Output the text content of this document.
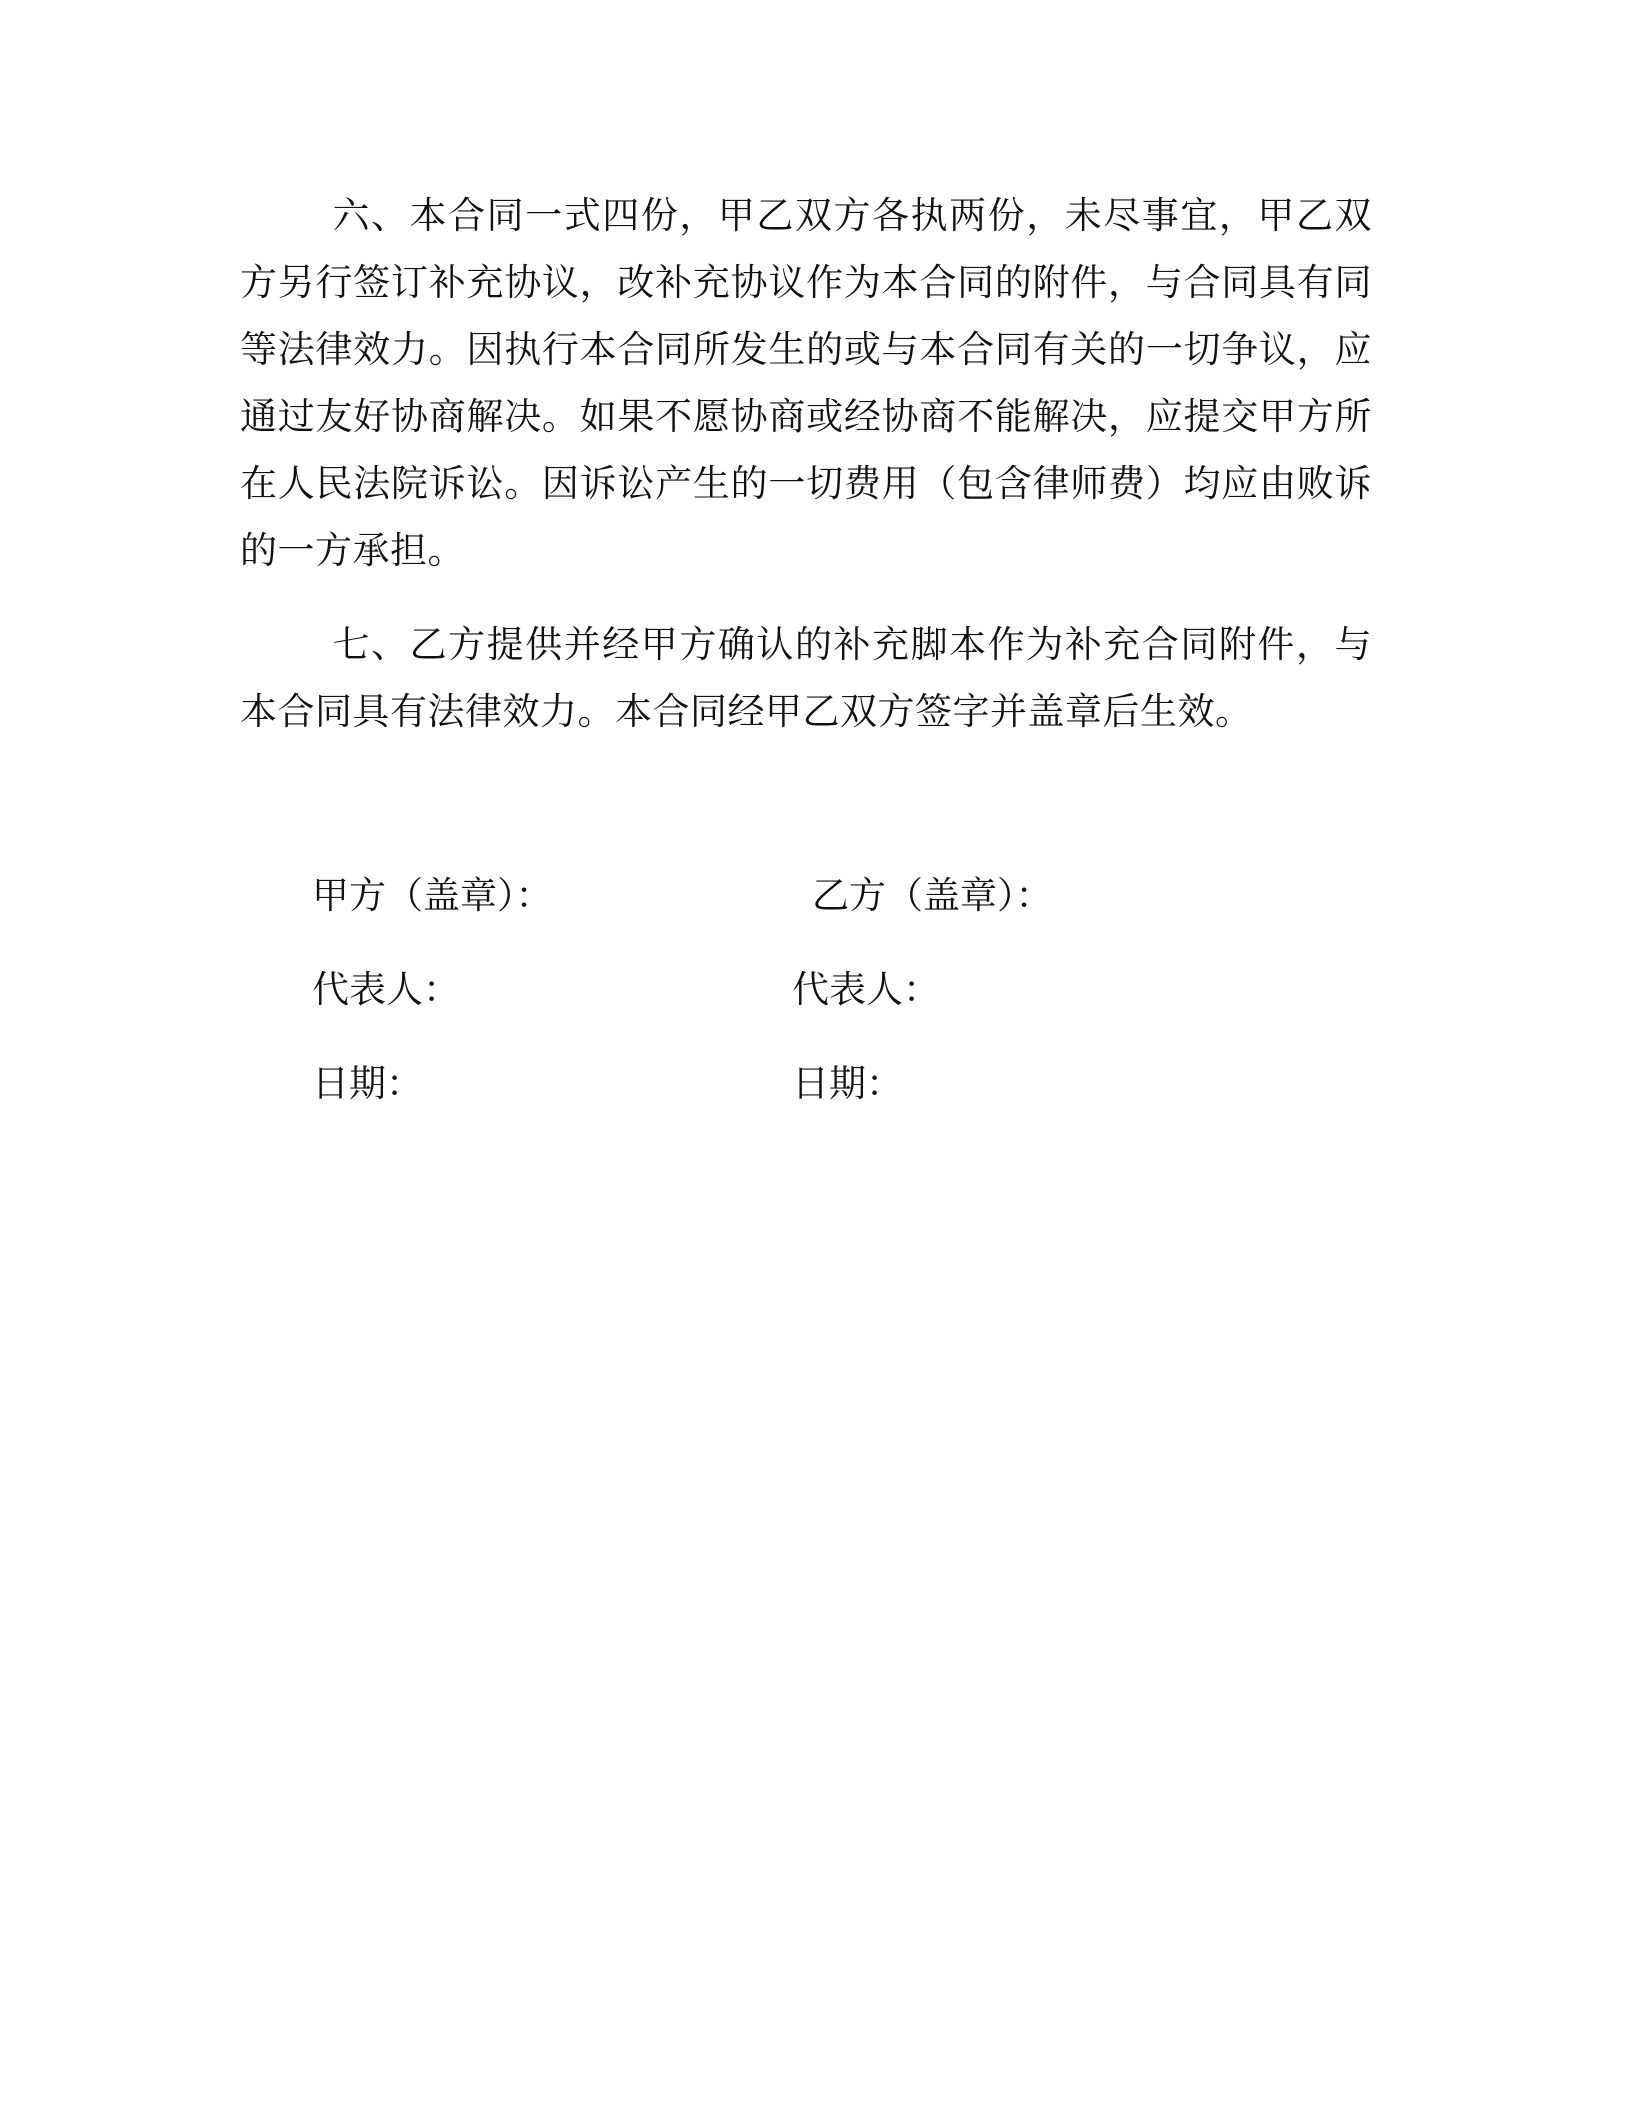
六、本合同一式四份，甲乙双方各执两份，未尽事宜，甲乙双方另行签订补充协议，改补充协议作为本合同的附件，与合同具有同等法律效力。因执行本合同所发生的或与本合同有关的一切争议，应通过友好协商解决。如果不愿协商或经协商不能解决，应提交甲方所在人民法院诉讼。因诉讼产生的一切费用（包含律师费）均应由败诉的一方承担。

七、乙方提供并经甲方确认的补充脚本作为补充合同附件，与本合同具有法律效力。本合同经甲乙双方签字并盖章后生效。

甲方（盖章）：
代表人：
日期：
乙方（盖章）：
代表人：
日期：
